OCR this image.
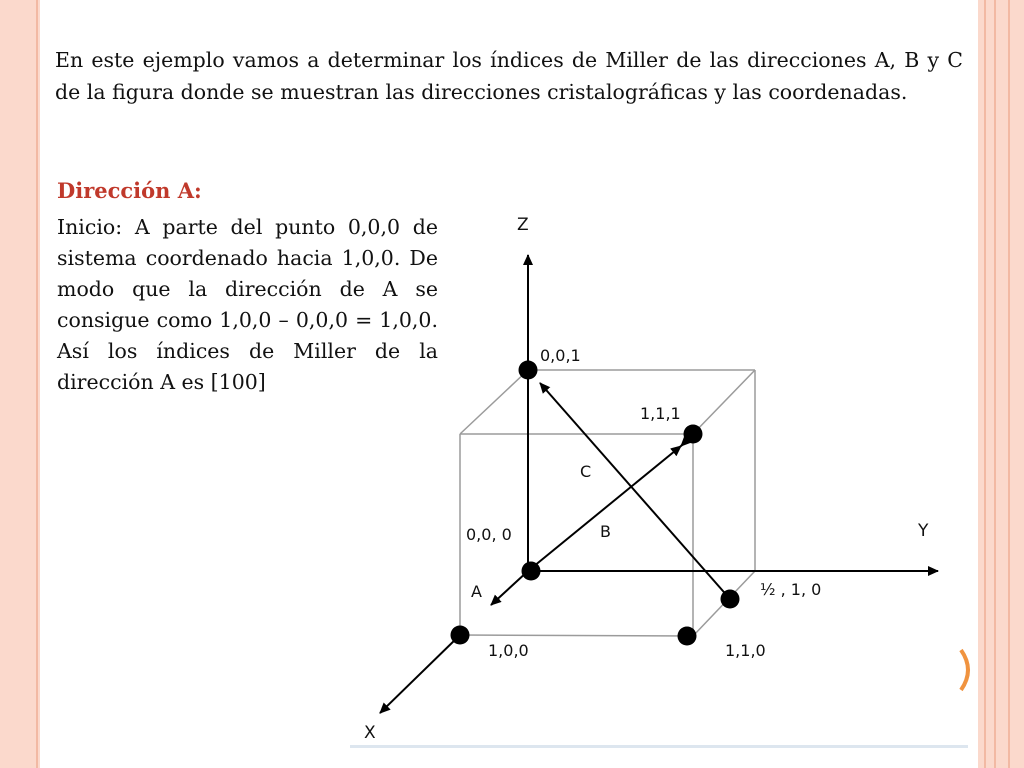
En este ejemplo vamos a determinar los índices de Miller de las direcciones A, B y C de la figura donde se muestran las direcciones cristalográficas y las coordenadas.

Dirección A:

Inicio: A parte del punto 0,0,0 de sistema coordenado hacia 1,0,0. De modo que la dirección de A se consigue como 1,0,0 – 0,0,0 = 1,0,0. Así los índices de Miller de la dirección A es [100]

Z
Y
X
0,0,1
1,1,1
0,0, 0
½ , 1, 0
1,0,0	1,1,0
A
B
C
